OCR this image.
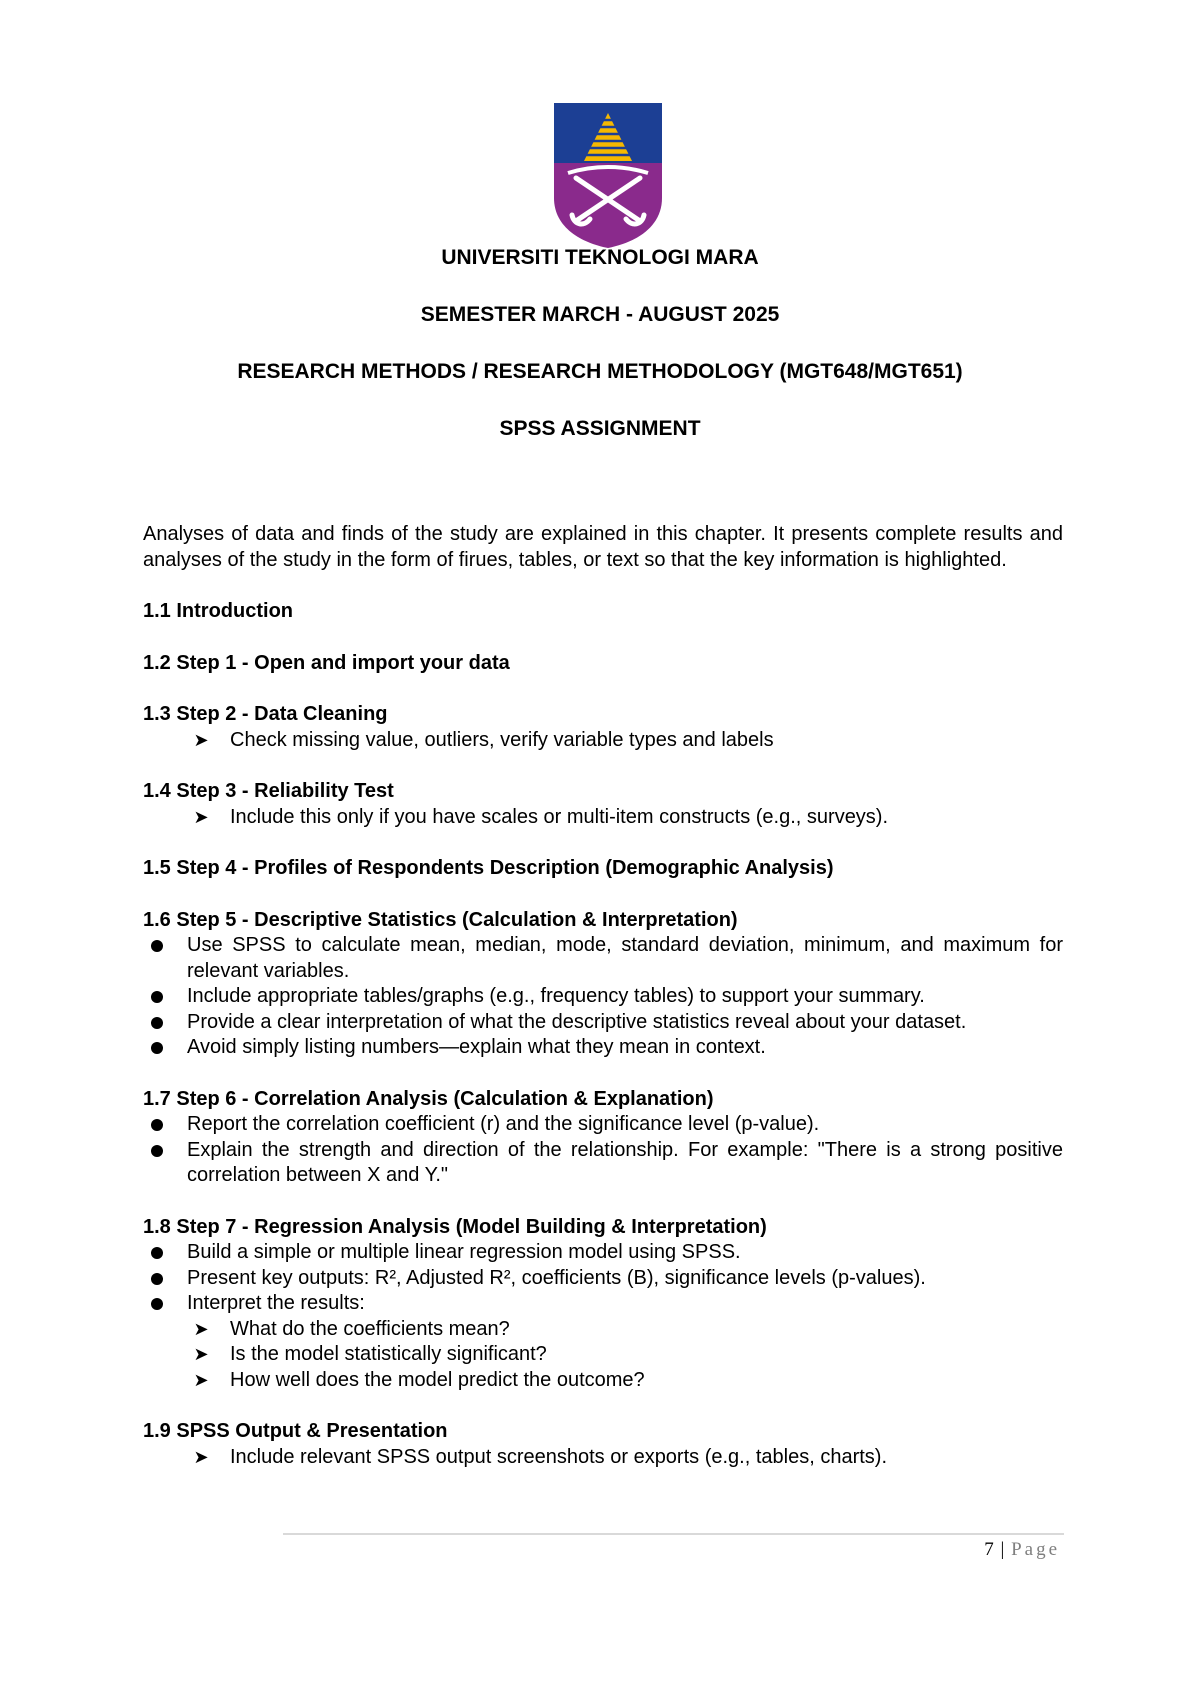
UNIVERSITI TEKNOLOGI MARA
SEMESTER MARCH - AUGUST 2025
RESEARCH METHODS / RESEARCH METHODOLOGY (MGT648/MGT651)
SPSS ASSIGNMENT

Analyses of data and finds of the study are explained in this chapter. It presents complete results and analyses of the study in the form of firues, tables, or text so that the key information is highlighted.

1.1 Introduction
1.2 Step 1 - Open and import your data
1.3 Step 2 - Data Cleaning
➤	Check missing value, outliers, verify variable types and labels
1.4 Step 3 - Reliability Test
➤	Include this only if you have scales or multi-item constructs (e.g., surveys).
1.5 Step 4 - Profiles of Respondents Description (Demographic Analysis)
1.6 Step 5 - Descriptive Statistics (Calculation & Interpretation)
Use SPSS to calculate mean, median, mode, standard deviation, minimum, and maximum for relevant variables.
Include appropriate tables/graphs (e.g., frequency tables) to support your summary.
Provide a clear interpretation of what the descriptive statistics reveal about your dataset.
Avoid simply listing numbers—explain what they mean in context.
1.7 Step 6 - Correlation Analysis (Calculation & Explanation)
Report the correlation coefficient (r) and the significance level (p-value).
Explain the strength and direction of the relationship. For example: "There is a strong positive correlation between X and Y."
1.8 Step 7 - Regression Analysis (Model Building & Interpretation)
Build a simple or multiple linear regression model using SPSS.
Present key outputs: R², Adjusted R², coefficients (B), significance levels (p-values).
Interpret the results:
➤	What do the coefficients mean?
➤	Is the model statistically significant?
➤	How well does the model predict the outcome?
1.9 SPSS Output & Presentation
➤	Include relevant SPSS output screenshots or exports (e.g., tables, charts).
7 | Page
